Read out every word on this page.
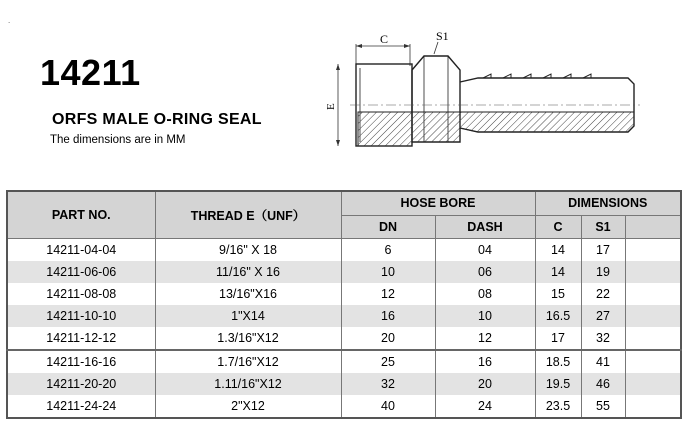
.
14211
ORFS MALE O-RING SEAL
The dimensions are in MM
C	S1
E
PART NO.	THREAD E（UNF）	HOSE BORE		DIMENSIONS		
		DN	DASH	C	S1	
14211-04-04	9/16" X 18	6	04	14	17	
14211-06-06	11/16" X 16	10	06	14	19	
14211-08-08	13/16"X16	12	08	15	22	
14211-10-10	1"X14	16	10	16.5	27	
14211-12-12	1.3/16"X12	20	12	17	32	
14211-16-16	1.7/16"X12	25	16	18.5	41	
14211-20-20	1.11/16"X12	32	20	19.5	46	
14211-24-24	2"X12	40	24	23.5	55	
